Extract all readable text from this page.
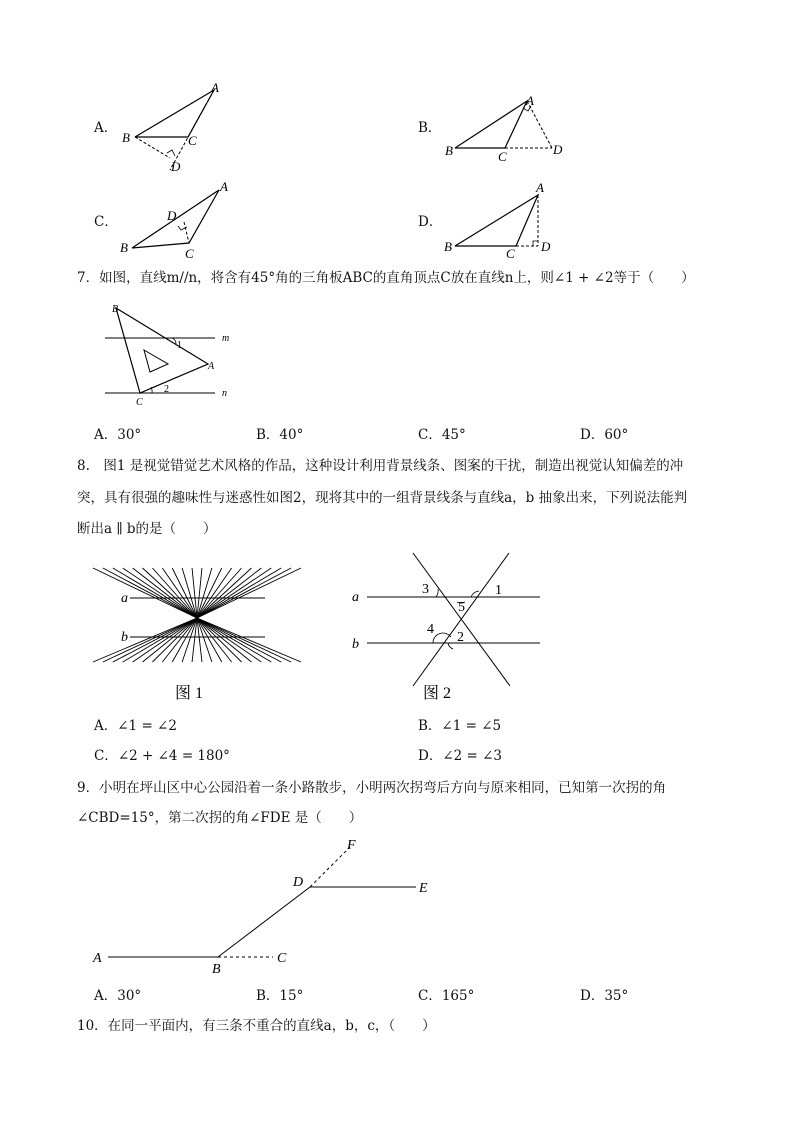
A．
A
B	C
D
B．
A
B	C	D
C．
A
B	C
D	D．
A
B	C D
7．如图，直线m//n，将含有45°角的三角板ABC的直角顶点C放在直线n上，则∠1 + ∠2等于（　　）
B
A
C
m
n
1
2
A．30°	B．40°	C．45°	D．60°
8.　图1 是视觉错觉艺术风格的作品，这种设计利用背景线条、图案的干扰，制造出视觉认知偏差的冲
突，具有很强的趣味性与迷惑性如图2，现将其中的一组背景线条与直线a，b 抽象出来，下列说法能判
断出a ∥ b的是（　　）
a
b
图 1
a
b
1
2
3
4
5
图 2
A．∠1 = ∠2	B．∠1 = ∠5
C．∠2 + ∠4 = 180°	D．∠2 = ∠3
9．小明在坪山区中心公园沿着一条小路散步，小明两次拐弯后方向与原来相同，已知第一次拐的角
∠CBD=15°，第二次拐的角∠FDE 是（　　）
A
B
C
D	E
F
A．30°	B．15°	C．165°	D．35°
10．在同一平面内，有三条不重合的直线a，b，c，（　　）
